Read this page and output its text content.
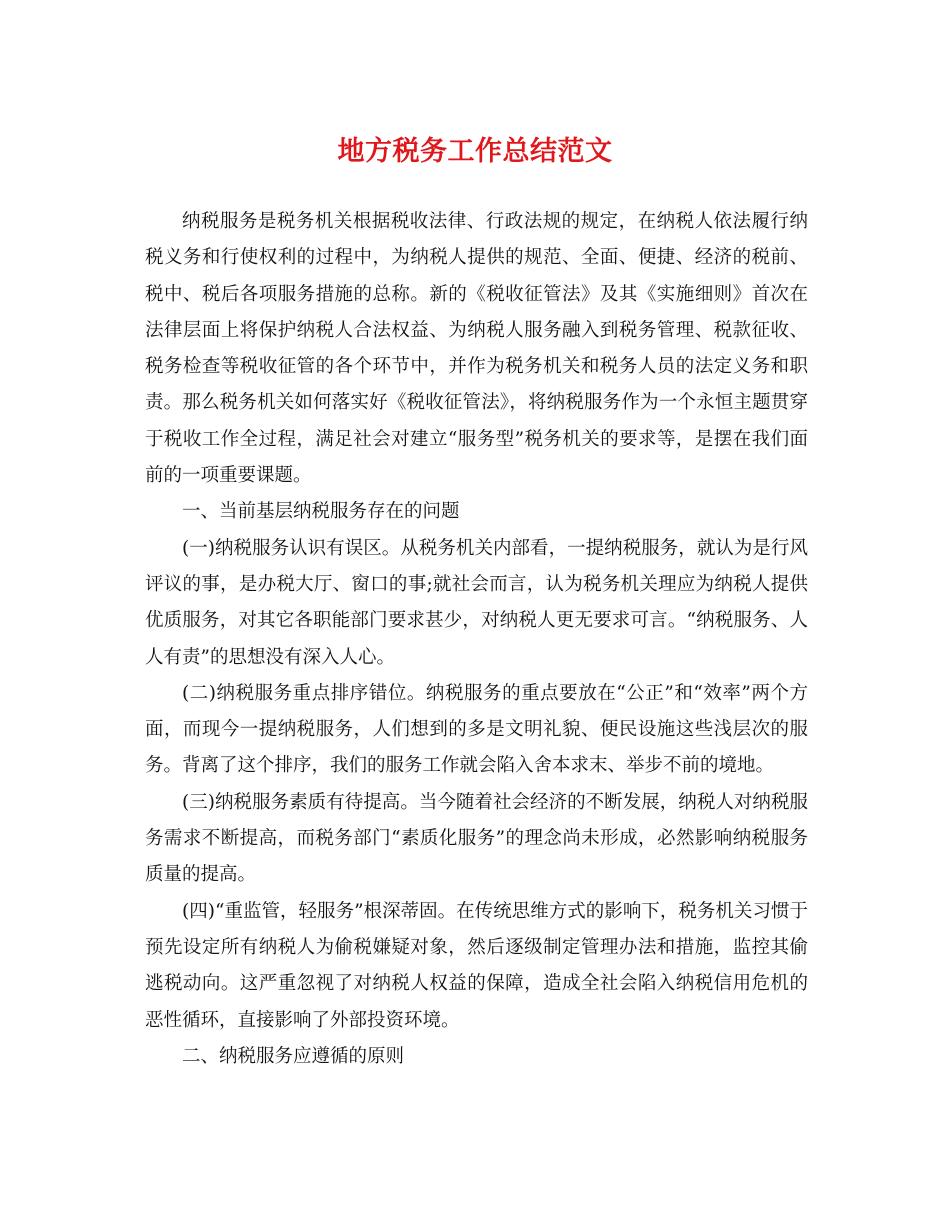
地方税务工作总结范文

纳税服务是税务机关根据税收法律、行政法规的规定，在纳税人依法履行纳税义务和行使权利的过程中，为纳税人提供的规范、全面、便捷、经济的税前、税中、税后各项服务措施的总称。新的《税收征管法》及其《实施细则》首次在法律层面上将保护纳税人合法权益、为纳税人服务融入到税务管理、税款征收、税务检查等税收征管的各个环节中，并作为税务机关和税务人员的法定义务和职责。那么税务机关如何落实好《税收征管法》，将纳税服务作为一个永恒主题贯穿于税收工作全过程，满足社会对建立“服务型”税务机关的要求等，是摆在我们面前的一项重要课题。

一、当前基层纳税服务存在的问题

(一)纳税服务认识有误区。从税务机关内部看，一提纳税服务，就认为是行风评议的事，是办税大厅、窗口的事;就社会而言，认为税务机关理应为纳税人提供优质服务，对其它各职能部门要求甚少，对纳税人更无要求可言。“纳税服务、人人有责”的思想没有深入人心。

(二)纳税服务重点排序错位。纳税服务的重点要放在“公正”和“效率”两个方面，而现今一提纳税服务，人们想到的多是文明礼貌、便民设施这些浅层次的服务。背离了这个排序，我们的服务工作就会陷入舍本求末、举步不前的境地。

(三)纳税服务素质有待提高。当今随着社会经济的不断发展，纳税人对纳税服务需求不断提高，而税务部门“素质化服务”的理念尚未形成，必然影响纳税服务质量的提高。

(四)“重监管，轻服务”根深蒂固。在传统思维方式的影响下，税务机关习惯于预先设定所有纳税人为偷税嫌疑对象，然后逐级制定管理办法和措施，监控其偷逃税动向。这严重忽视了对纳税人权益的保障，造成全社会陷入纳税信用危机的恶性循环，直接影响了外部投资环境。

二、纳税服务应遵循的原则
